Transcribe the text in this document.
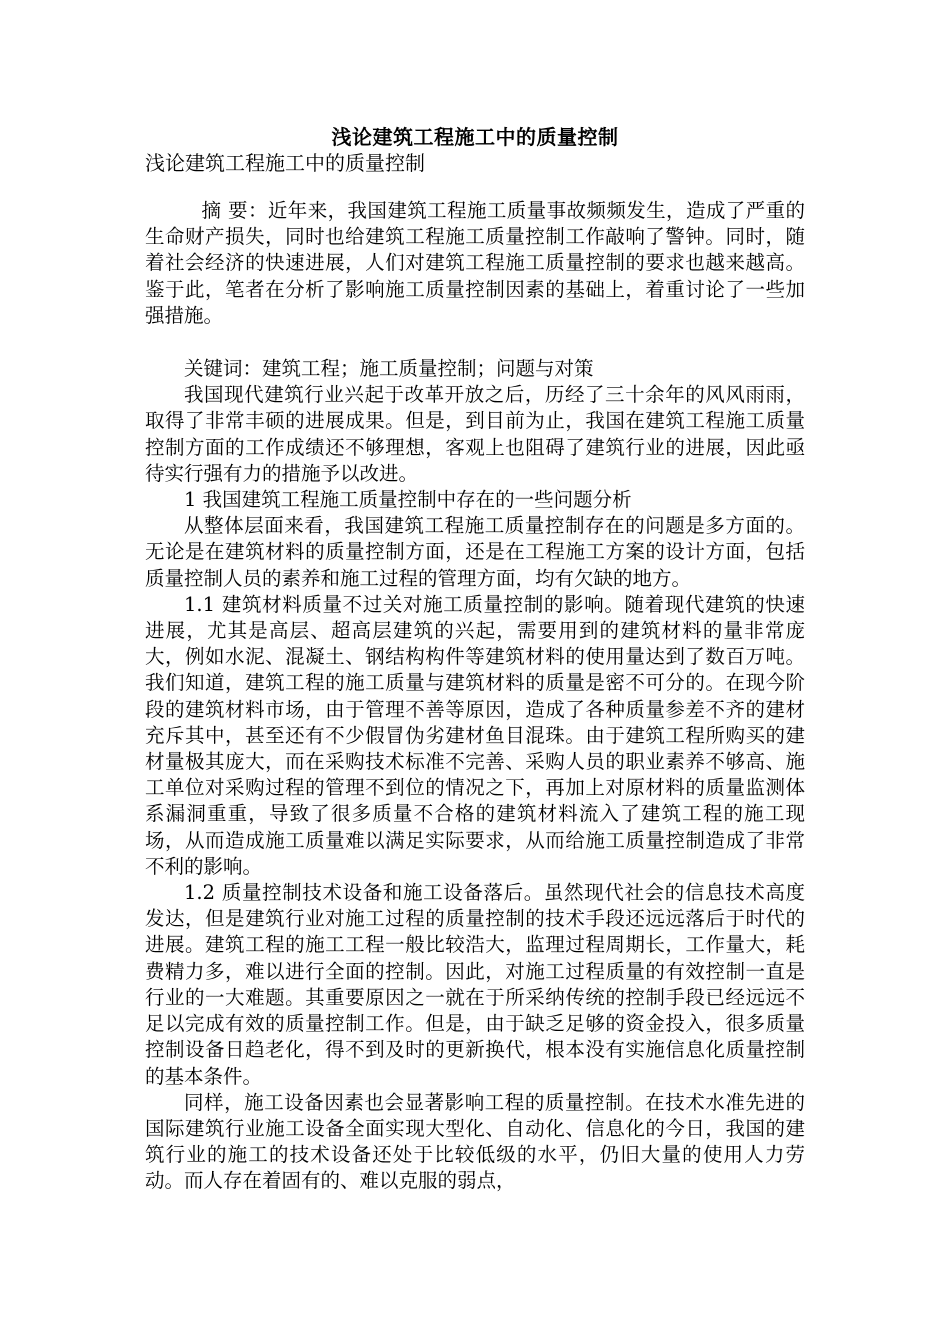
浅论建筑工程施工中的质量控制
浅论建筑工程施工中的质量控制

摘 要：近年来，我国建筑工程施工质量事故频频发生，造成了严重的生命财产损失，同时也给建筑工程施工质量控制工作敲响了警钟。同时，随着社会经济的快速进展，人们对建筑工程施工质量控制的要求也越来越高。鉴于此，笔者在分析了影响施工质量控制因素的基础上，着重讨论了一些加强措施。

关键词：建筑工程；施工质量控制；问题与对策

我国现代建筑行业兴起于改革开放之后，历经了三十余年的风风雨雨，取得了非常丰硕的进展成果。但是，到目前为止，我国在建筑工程施工质量控制方面的工作成绩还不够理想，客观上也阻碍了建筑行业的进展，因此亟待实行强有力的措施予以改进。

1 我国建筑工程施工质量控制中存在的一些问题分析

从整体层面来看，我国建筑工程施工质量控制存在的问题是多方面的。无论是在建筑材料的质量控制方面，还是在工程施工方案的设计方面，包括质量控制人员的素养和施工过程的管理方面，均有欠缺的地方。

1.1 建筑材料质量不过关对施工质量控制的影响。随着现代建筑的快速进展，尤其是高层、超高层建筑的兴起，需要用到的建筑材料的量非常庞大，例如水泥、混凝土、钢结构构件等建筑材料的使用量达到了数百万吨。我们知道，建筑工程的施工质量与建筑材料的质量是密不可分的。在现今阶段的建筑材料市场，由于管理不善等原因，造成了各种质量参差不齐的建材充斥其中，甚至还有不少假冒伪劣建材鱼目混珠。由于建筑工程所购买的建材量极其庞大，而在采购技术标准不完善、采购人员的职业素养不够高、施工单位对采购过程的管理不到位的情况之下，再加上对原材料的质量监测体系漏洞重重，导致了很多质量不合格的建筑材料流入了建筑工程的施工现场，从而造成施工质量难以满足实际要求，从而给施工质量控制造成了非常不利的影响。

1.2 质量控制技术设备和施工设备落后。虽然现代社会的信息技术高度发达，但是建筑行业对施工过程的质量控制的技术手段还远远落后于时代的进展。建筑工程的施工工程一般比较浩大，监理过程周期长，工作量大，耗费精力多，难以进行全面的控制。因此，对施工过程质量的有效控制一直是行业的一大难题。其重要原因之一就在于所采纳传统的控制手段已经远远不足以完成有效的质量控制工作。但是，由于缺乏足够的资金投入，很多质量控制设备日趋老化，得不到及时的更新换代，根本没有实施信息化质量控制的基本条件。

同样，施工设备因素也会显著影响工程的质量控制。在技术水准先进的国际建筑行业施工设备全面实现大型化、自动化、信息化的今日，我国的建筑行业的施工的技术设备还处于比较低级的水平，仍旧大量的使用人力劳动。而人存在着固有的、难以克服的弱点，
